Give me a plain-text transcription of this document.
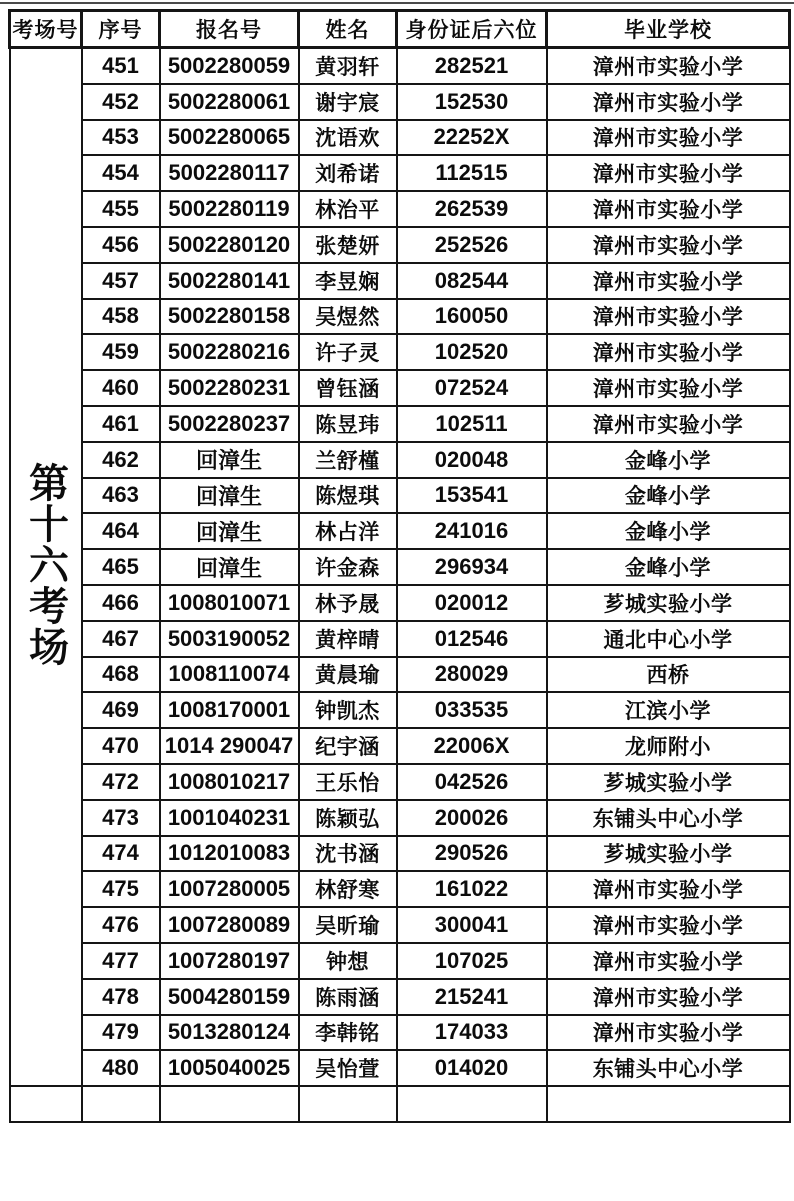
考场号	序号	报名号	姓名	身份证后六位	毕业学校
第十六考场	451	5002280059	黄羽轩	282521	漳州市实验小学
	452	5002280061	谢宇宸	152530	漳州市实验小学
	453	5002280065	沈语欢	22252X	漳州市实验小学
	454	5002280117	刘希诺	112515	漳州市实验小学
	455	5002280119	林治平	262539	漳州市实验小学
	456	5002280120	张楚妍	252526	漳州市实验小学
	457	5002280141	李昱娴	082544	漳州市实验小学
	458	5002280158	吴煜然	160050	漳州市实验小学
	459	5002280216	许子灵	102520	漳州市实验小学
	460	5002280231	曾钰涵	072524	漳州市实验小学
	461	5002280237	陈昱玮	102511	漳州市实验小学
	462	回漳生	兰舒槿	020048	金峰小学
	463	回漳生	陈煜琪	153541	金峰小学
	464	回漳生	林占洋	241016	金峰小学
	465	回漳生	许金森	296934	金峰小学
	466	1008010071	林予晟	020012	芗城实验小学
	467	5003190052	黄梓晴	012546	通北中心小学
	468	1008110074	黄晨瑜	280029	西桥
	469	1008170001	钟凯杰	033535	江滨小学
	470	1014 290047	纪宇涵	22006X	龙师附小
	472	1008010217	王乐怡	042526	芗城实验小学
	473	1001040231	陈颖弘	200026	东铺头中心小学
	474	1012010083	沈书涵	290526	芗城实验小学
	475	1007280005	林舒寒	161022	漳州市实验小学
	476	1007280089	吴昕瑜	300041	漳州市实验小学
	477	1007280197	钟想	107025	漳州市实验小学
	478	5004280159	陈雨涵	215241	漳州市实验小学
	479	5013280124	李韩铭	174033	漳州市实验小学
	480	1005040025	吴怡萱	014020	东铺头中心小学
